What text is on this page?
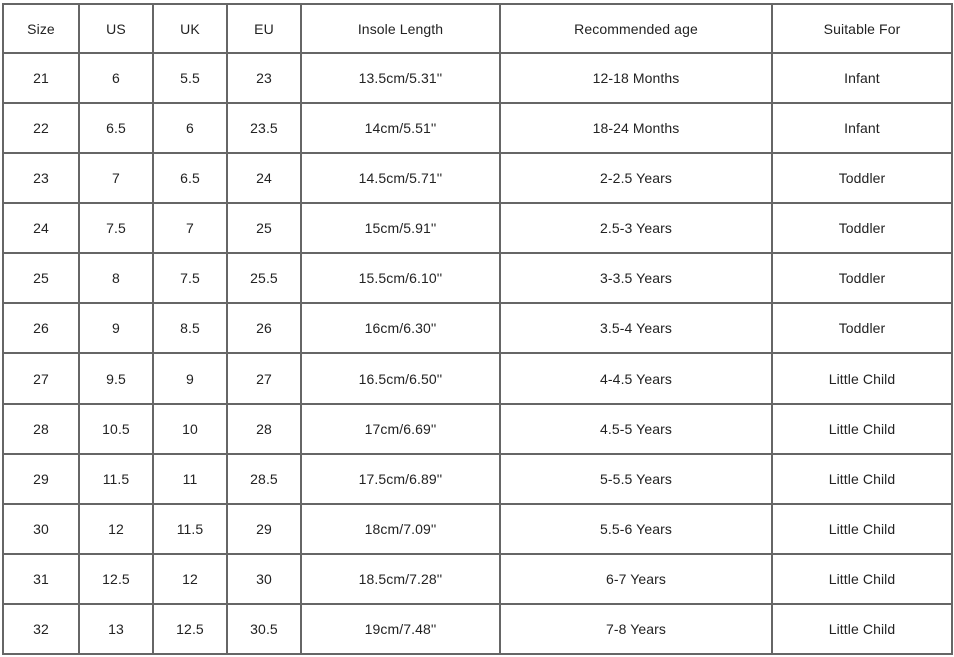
Size	US	UK	EU	Insole Length	Recommended age	Suitable For
21	6	5.5	23	13.5cm/5.31''	12-18 Months	Infant
22	6.5	6	23.5	14cm/5.51''	18-24 Months	Infant
23	7	6.5	24	14.5cm/5.71''	2-2.5 Years	Toddler
24	7.5	7	25	15cm/5.91''	2.5-3 Years	Toddler
25	8	7.5	25.5	15.5cm/6.10''	3-3.5 Years	Toddler
26	9	8.5	26	16cm/6.30''	3.5-4 Years	Toddler
27	9.5	9	27	16.5cm/6.50''	4-4.5 Years	Little Child
28	10.5	10	28	17cm/6.69''	4.5-5 Years	Little Child
29	11.5	11	28.5	17.5cm/6.89''	5-5.5 Years	Little Child
30	12	11.5	29	18cm/7.09''	5.5-6 Years	Little Child
31	12.5	12	30	18.5cm/7.28''	6-7 Years	Little Child
32	13	12.5	30.5	19cm/7.48''	7-8 Years	Little Child
